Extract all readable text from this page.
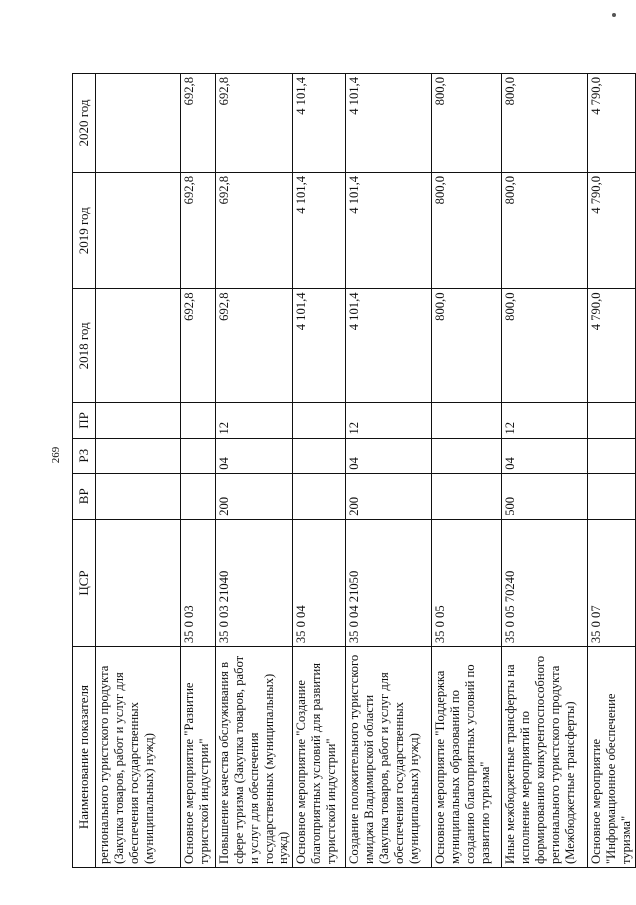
269
Наименование показателя	ЦСР	ВР	РЗ	ПР	2018 год	2019 год	2020 год
регионального туристского продукта (Закупка товаров, работ и услуг для обеспечения государственных (муниципальных) нужд)							
Основное мероприятие "Развитие туристской индустрии"	35 0 03				692,8	692,8	692,8
Повышение качества обслуживания в сфере туризма (Закупка товаров, работ и услуг для обеспечения государственных (муниципальных) нужд)	35 0 03 21040	200	04	12	692,8	692,8	692,8
Основное мероприятие "Создание благоприятных условий для развития туристской индустрии"	35 0 04				4 101,4	4 101,4	4 101,4
Создание положительного туристского имиджа Владимирской области (Закупка товаров, работ и услуг для обеспечения государственных (муниципальных) нужд)	35 0 04 21050	200	04	12	4 101,4	4 101,4	4 101,4
Основное мероприятие "Поддержка муниципальных образований по созданию благоприятных условий по развитию туризма"	35 0 05				800,0	800,0	800,0
Иные межбюджетные трансферты на исполнение мероприятий по формированию конкурентоспособного регионального туристского продукта (Межбюджетные трансферты)	35 0 05 70240	500	04	12	800,0	800,0	800,0
Основное мероприятие "Информационное обеспечение туризма"	35 0 07				4 790,0	4 790,0	4 790,0
